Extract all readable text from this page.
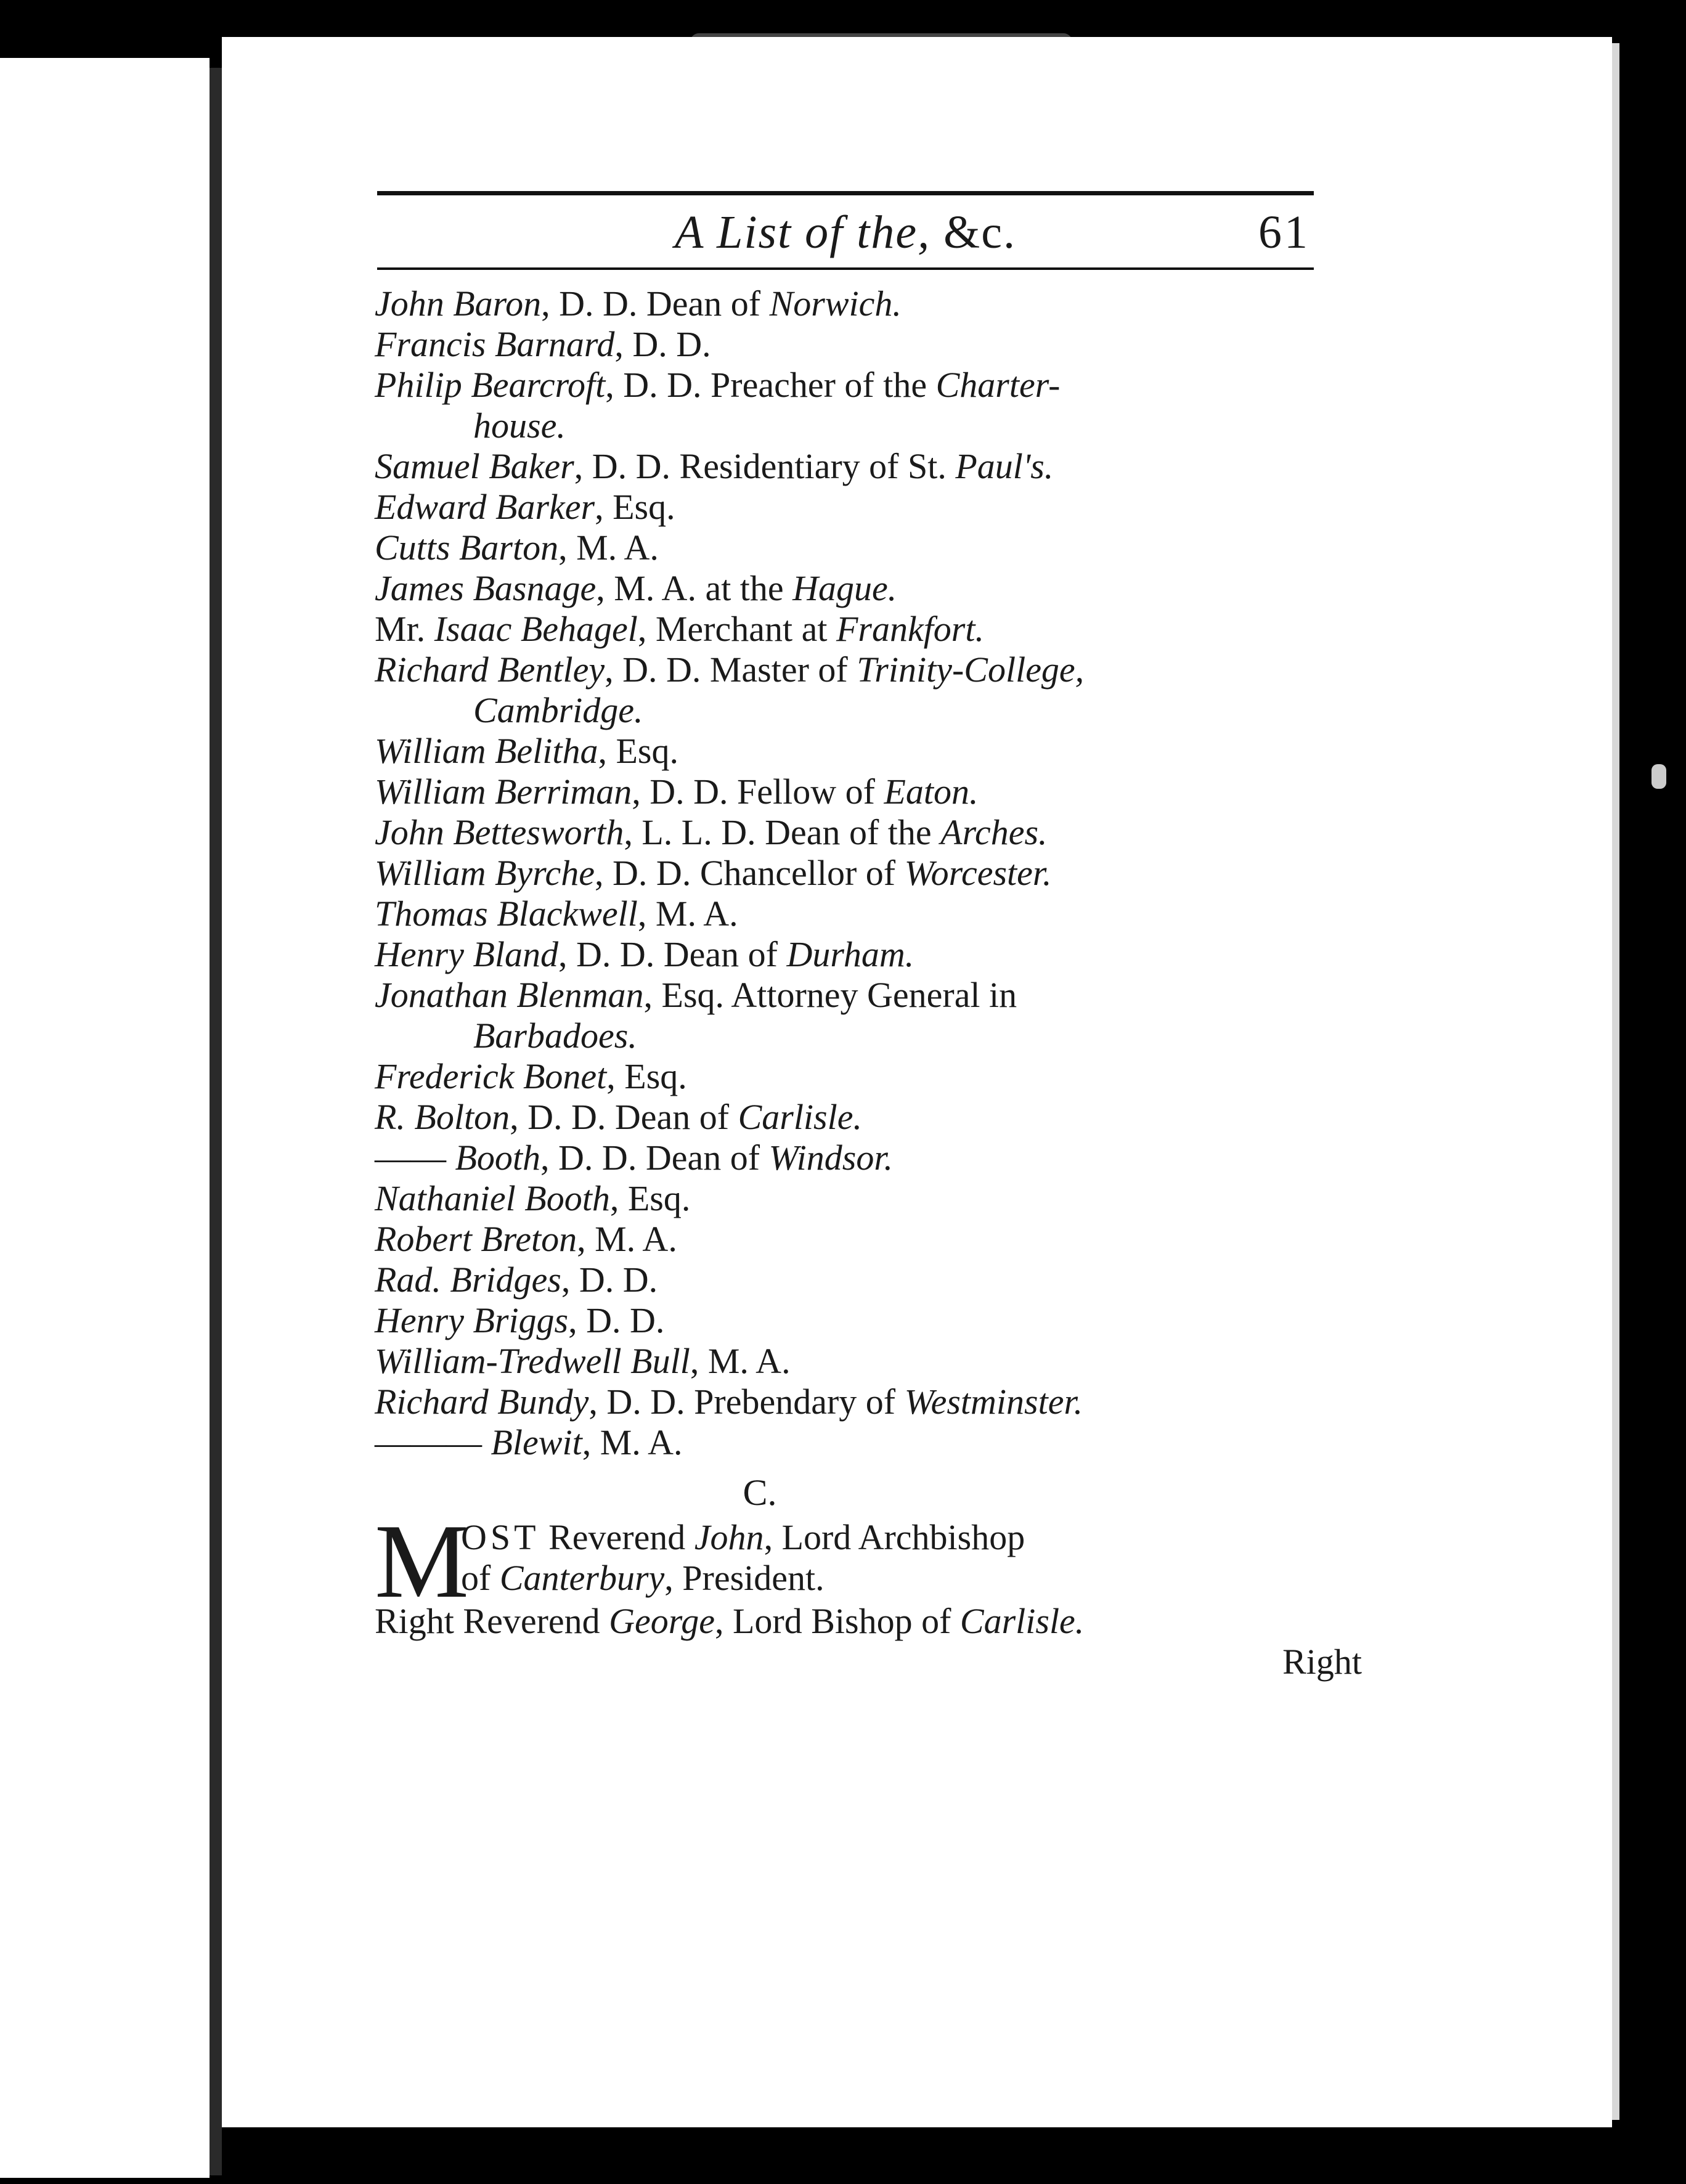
A List of the, &c.	61
John Baron, D. D. Dean of Norwich.
Francis Barnard, D. D.
Philip Bearcroft, D. D. Preacher of the Charter-
house.
Samuel Baker, D. D. Residentiary of St. Paul's.
Edward Barker, Esq.
Cutts Barton, M. A.
James Basnage, M. A. at the Hague.
Mr. Isaac Behagel, Merchant at Frankfort.
Richard Bentley, D. D. Master of Trinity-College,
Cambridge.
William Belitha, Esq.
William Berriman, D. D. Fellow of Eaton.
John Bettesworth, L. L. D. Dean of the Arches.
William Byrche, D. D. Chancellor of Worcester.
Thomas Blackwell, M. A.
Henry Bland, D. D. Dean of Durham.
Jonathan Blenman, Esq. Attorney General in
Barbadoes.
Frederick Bonet, Esq.
R. Bolton, D. D. Dean of Carlisle.
—— Booth, D. D. Dean of Windsor.
Nathaniel Booth, Esq.
Robert Breton, M. A.
Rad. Bridges, D. D.
Henry Briggs, D. D.
William-Tredwell Bull, M. A.
Richard Bundy, D. D. Prebendary of Westminster.
——— Blewit, M. A.
C.
M
OST Reverend John, Lord Archbishop
of Canterbury, President.
Right Reverend George, Lord Bishop of Carlisle.
Right
